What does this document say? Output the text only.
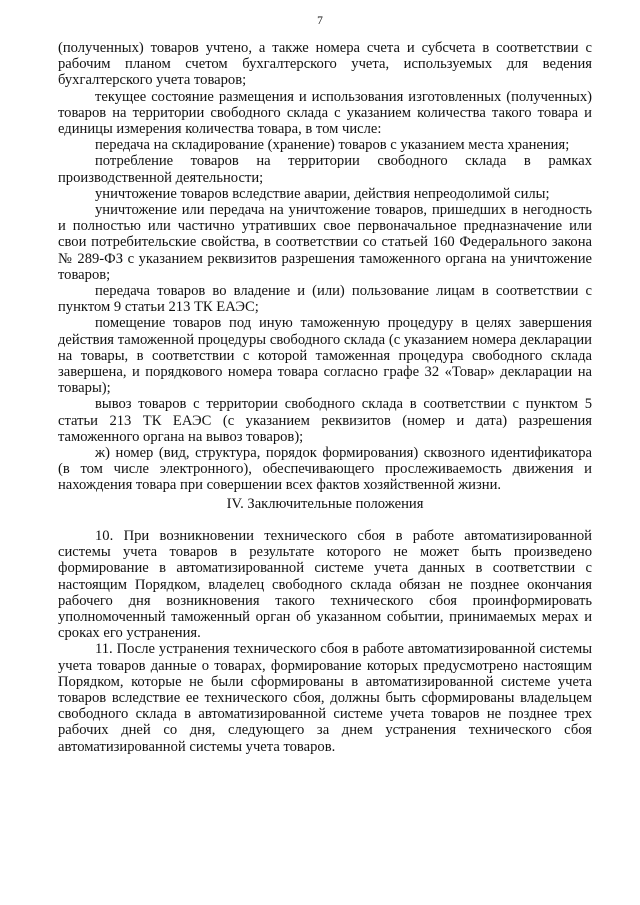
7

(полученных) товаров учтено, а также номера счета и субсчета в соответствии с рабочим планом счетом бухгалтерского учета, используемых для ведения бухгалтерского учета товаров;

текущее состояние размещения и использования изготовленных (полученных) товаров на территории свободного склада с указанием количества такого товара и единицы измерения количества товара, в том числе:

передача на складирование (хранение) товаров с указанием места хранения;

потребление товаров на территории свободного склада в рамках производственной деятельности;

уничтожение товаров вследствие аварии, действия непреодолимой силы;

уничтожение или передача на уничтожение товаров, пришедших в негодность и полностью или частично утративших свое первоначальное предназначение или свои потребительские свойства, в соответствии со статьей 160 Федерального закона № 289-ФЗ с указанием реквизитов разрешения таможенного органа на уничтожение товаров;

передача товаров во владение и (или) пользование лицам в соответствии с пунктом 9 статьи 213 ТК ЕАЭС;

помещение товаров под иную таможенную процедуру в целях завершения действия таможенной процедуры свободного склада (с указанием номера декларации на товары, в соответствии с которой таможенная процедура свободного склада завершена, и порядкового номера товара согласно графе 32 «Товар» декларации на товары);

вывоз товаров с территории свободного склада в соответствии с пунктом 5 статьи 213 ТК ЕАЭС (с указанием реквизитов (номер и дата) разрешения таможенного органа на вывоз товаров);

ж) номер (вид, структура, порядок формирования) сквозного идентификатора (в том числе электронного), обеспечивающего прослеживаемость движения и нахождения товара при совершении всех фактов хозяйственной жизни.

IV. Заключительные положения

10. При возникновении технического сбоя в работе автоматизированной системы учета товаров в результате которого не может быть произведено формирование в автоматизированной системе учета данных в соответствии с настоящим Порядком, владелец свободного склада обязан не позднее окончания рабочего дня возникновения такого технического сбоя проинформировать уполномоченный таможенный орган об указанном событии, принимаемых мерах и сроках его устранения.

11. После устранения технического сбоя в работе автоматизированной системы учета товаров данные о товарах, формирование которых предусмотрено настоящим Порядком, которые не были сформированы в автоматизированной системе учета товаров вследствие ее технического сбоя, должны быть сформированы владельцем свободного склада в автоматизированной системе учета товаров не позднее трех рабочих дней со дня, следующего за днем устранения технического сбоя автоматизированной системы учета товаров.
